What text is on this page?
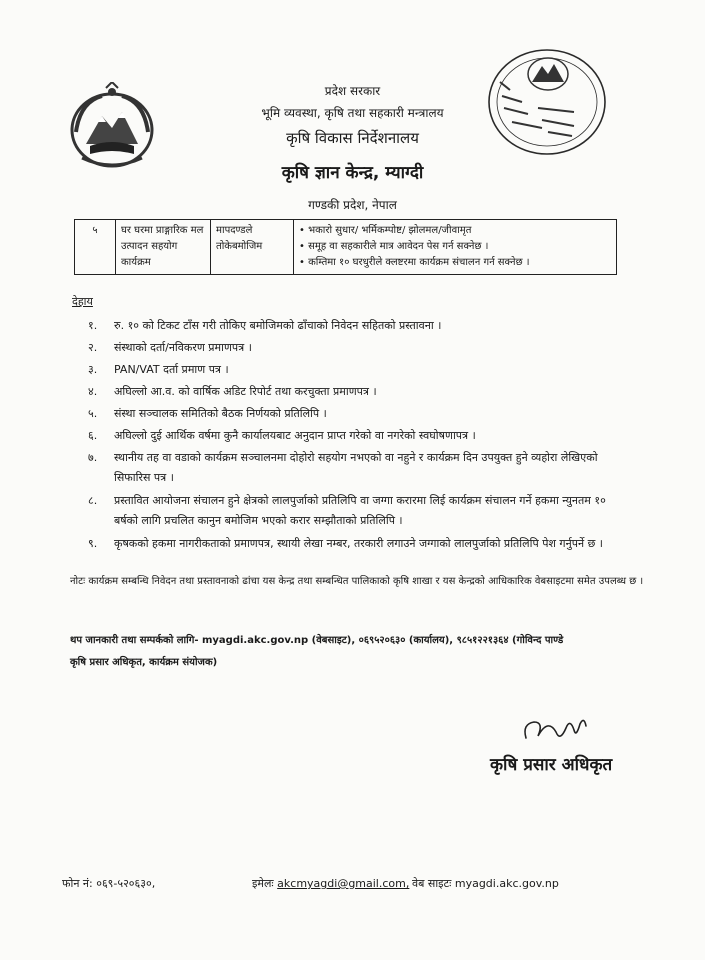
प्रदेश सरकार
भूमि व्यवस्था, कृषि तथा सहकारी मन्त्रालय
कृषि विकास निर्देशनालय
कृषि ज्ञान केन्द्र, म्याग्दी
गण्डकी प्रदेश, नेपाल
५	घर घरमा प्राङ्गारिक मल उत्पादन सहयोग कार्यक्रम	मापदण्डले तोकेबमोजिम	
• भकारो सुधार/ भर्मिकम्पोष्ट/ झोलमल/जीवामृत
• समूह वा सहकारीले मात्र आवेदन पेस गर्न सक्नेछ ।
• कम्तिमा १० घरधुरीले क्लष्टरमा कार्यक्रम संचालन गर्न सक्नेछ ।
देहाय
१. रु. १० को टिकट टाँस गरी तोकिए बमोजिमको ढाँचाको निवेदन सहितको प्रस्तावना ।
२. संस्थाको दर्ता/नविकरण प्रमाणपत्र ।
३. PAN/VAT दर्ता प्रमाण पत्र ।
४. अघिल्लो आ.व. को वार्षिक अडिट रिपोर्ट तथा करचुक्ता प्रमाणपत्र ।
५. संस्था सञ्चालक समितिको बैठक निर्णयको प्रतिलिपि ।
६. अघिल्लो दुई आर्थिक वर्षमा कुनै कार्यालयबाट अनुदान प्राप्त गरेको वा नगरेको स्वघोषणापत्र ।
७. स्थानीय तह वा वडाको कार्यक्रम सञ्चालनमा दोहोरो सहयोग नभएको वा नहुने र कार्यक्रम दिन उपयुक्त हुने व्यहोरा लेखिएको सिफारिस पत्र ।
८. प्रस्तावित आयोजना संचालन हुने क्षेत्रको लालपुर्जाको प्रतिलिपि वा जग्गा करारमा लिई कार्यक्रम संचालन गर्ने हकमा न्युनतम १० बर्षको लागि प्रचलित कानुन बमोजिम भएको करार सम्झौताको प्रतिलिपि ।
९. कृषकको हकमा नागरीकताको प्रमाणपत्र, स्थायी लेखा नम्बर, तरकारी लगाउने जग्गाको लालपुर्जाको प्रतिलिपि पेश गर्नुपर्ने छ ।
नोटः कार्यक्रम सम्बन्धि निवेदन तथा प्रस्तावनाको ढांचा यस केन्द्र तथा सम्बन्धित पालिकाको कृषि शाखा र यस केन्द्रको आधिकारिक वेबसाइटमा समेत उपलब्ध छ ।
थप जानकारी तथा सम्पर्कको लागि- myagdi.akc.gov.np (वेबसाइट), ०६९५२०६३० (कार्यालय), ९८५१२२१३६४ (गोविन्द पाण्डे
कृषि प्रसार अधिकृत, कार्यक्रम संयोजक)
कृषि प्रसार अधिकृत
फोन नं: ०६९-५२०६३०,	इमेलः akcmyagdi@gmail.com, वेब साइटः myagdi.akc.gov.np
